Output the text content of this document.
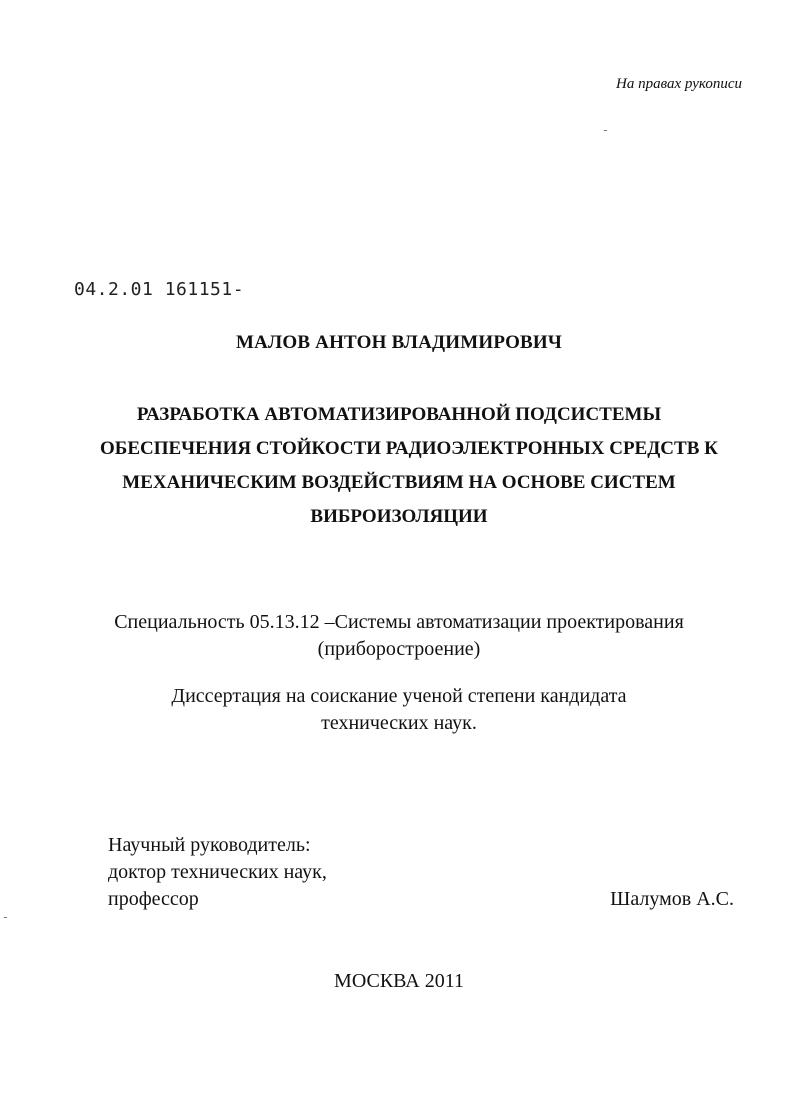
На правах рукописи
04.2.01 161151-
МАЛОВ АНТОН ВЛАДИМИРОВИЧ
РАЗРАБОТКА АВТОМАТИЗИРОВАННОЙ ПОДСИСТЕМЫ
ОБЕСПЕЧЕНИЯ СТОЙКОСТИ РАДИОЭЛЕКТРОННЫХ СРЕДСТВ К
МЕХАНИЧЕСКИМ ВОЗДЕЙСТВИЯМ НА ОСНОВЕ СИСТЕМ
ВИБРОИЗОЛЯЦИИ
Специальность 05.13.12 –Системы автоматизации проектирования
(приборостроение)
Диссертация на соискание ученой степени кандидата
технических наук.
Научный руководитель:
доктор технических наук,
профессор	Шалумов А.С.
МОСКВА 2011
